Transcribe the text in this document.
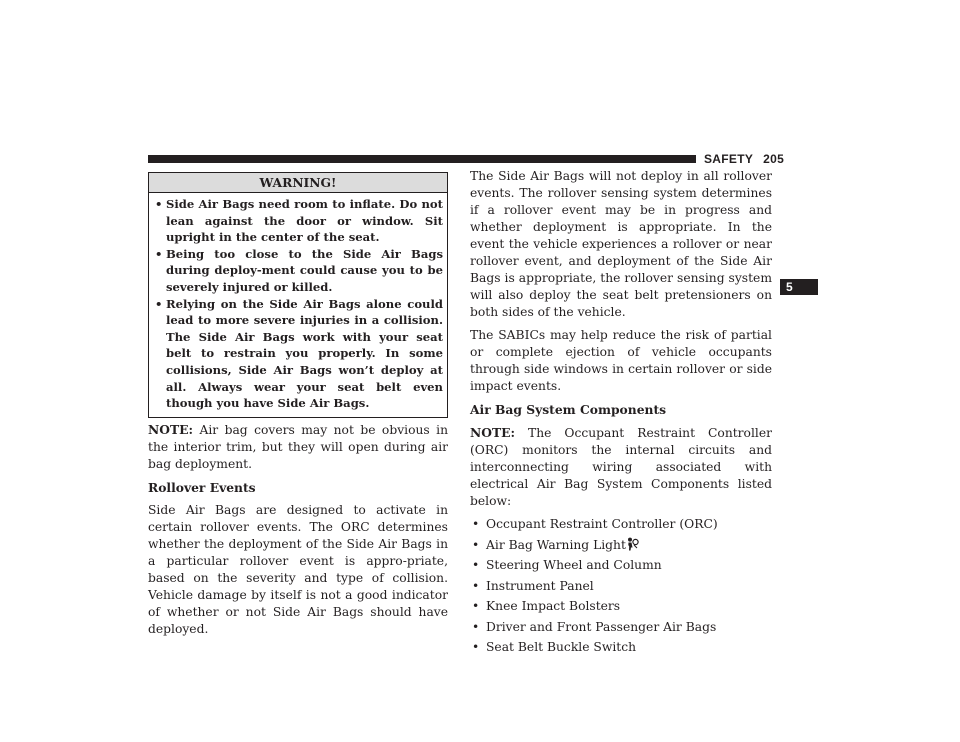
SAFETY 205
5
WARNING!
• Side Air Bags need room to inflate. Do not lean against the door or window. Sit upright in the center of the seat.
• Being too close to the Side Air Bags during deploy-ment could cause you to be severely injured or killed.
• Relying on the Side Air Bags alone could lead to more severe injuries in a collision. The Side Air Bags work with your seat belt to restrain you properly. In some collisions, Side Air Bags won’t deploy at all. Always wear your seat belt even though you have Side Air Bags.

NOTE: Air bag covers may not be obvious in the interior trim, but they will open during air bag deployment.

Rollover Events

Side Air Bags are designed to activate in certain rollover events. The ORC determines whether the deployment of the Side Air Bags in a particular rollover event is appro-priate, based on the severity and type of collision. Vehicle damage by itself is not a good indicator of whether or not Side Air Bags should have deployed.

The Side Air Bags will not deploy in all rollover events. The rollover sensing system determines if a rollover event may be in progress and whether deployment is appropriate. In the event the vehicle experiences a rollover or near rollover event, and deployment of the Side Air Bags is appropriate, the rollover sensing system will also deploy the seat belt pretensioners on both sides of the vehicle.

The SABICs may help reduce the risk of partial or complete ejection of vehicle occupants through side windows in certain rollover or side impact events.

Air Bag System Components

NOTE: The Occupant Restraint Controller (ORC) monitors the internal circuits and interconnecting wiring associated with electrical Air Bag System Components listed below:

• Occupant Restraint Controller (ORC)
• Air Bag Warning Light
• Steering Wheel and Column
• Instrument Panel
• Knee Impact Bolsters
• Driver and Front Passenger Air Bags
• Seat Belt Buckle Switch
